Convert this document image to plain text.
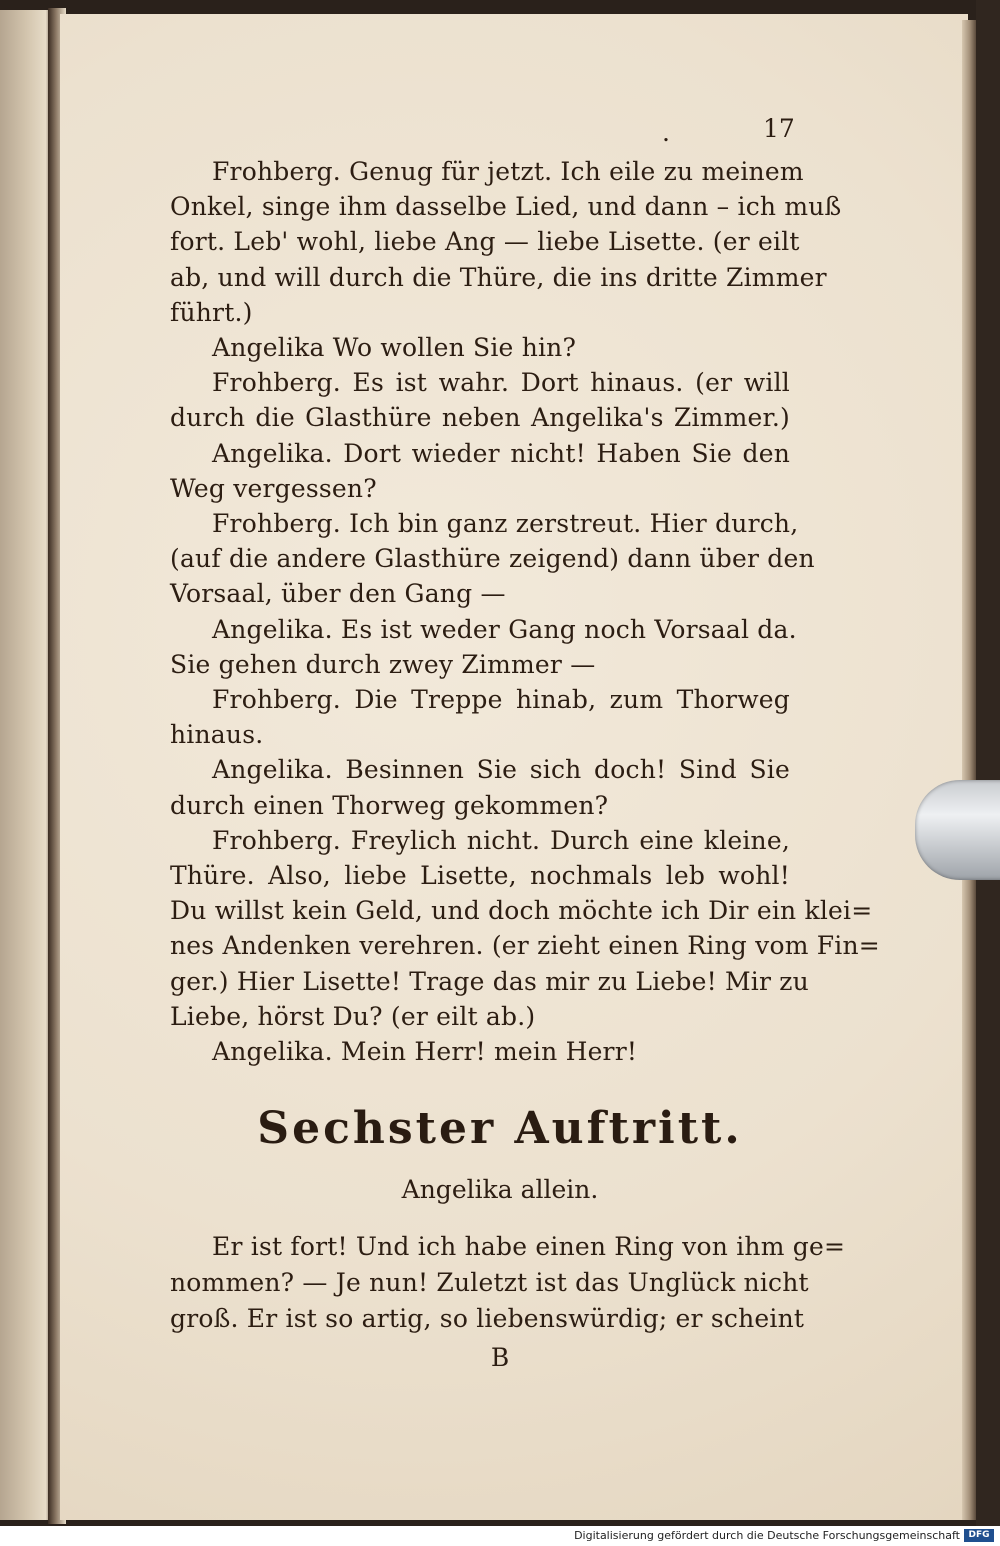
.	17

Frohberg. Genug für jetzt. Ich eile zu meinem

Onkel, singe ihm dasselbe Lied, und dann – ich muß

fort. Leb' wohl, liebe Ang — liebe Lisette. (er eilt

ab, und will durch die Thüre, die ins dritte Zimmer

führt.)

Angelika Wo wollen Sie hin?

Frohberg. Es ist wahr. Dort hinaus. (er will

durch die Glasthüre neben Angelika's Zimmer.)

Angelika. Dort wieder nicht! Haben Sie den

Weg vergessen?

Frohberg. Ich bin ganz zerstreut. Hier durch,

(auf die andere Glasthüre zeigend) dann über den

Vorsaal, über den Gang —

Angelika. Es ist weder Gang noch Vorsaal da.

Sie gehen durch zwey Zimmer —

Frohberg. Die Treppe hinab, zum Thorweg

hinaus.

Angelika. Besinnen Sie sich doch! Sind Sie

durch einen Thorweg gekommen?

Frohberg. Freylich nicht. Durch eine kleine,

Thüre. Also, liebe Lisette, nochmals leb wohl!

Du willst kein Geld, und doch möchte ich Dir ein klei=

nes Andenken verehren. (er zieht einen Ring vom Fin=

ger.) Hier Lisette! Trage das mir zu Liebe! Mir zu

Liebe, hörst Du? (er eilt ab.)

Angelika. Mein Herr! mein Herr!

Sechster Auftritt.

Angelika allein.

Er ist fort! Und ich habe einen Ring von ihm ge=

nommen? — Je nun! Zuletzt ist das Unglück nicht

groß. Er ist so artig, so liebenswürdig; er scheint

B

Digitalisierung gefördert durch die Deutsche Forschungsgemeinschaft DFG
